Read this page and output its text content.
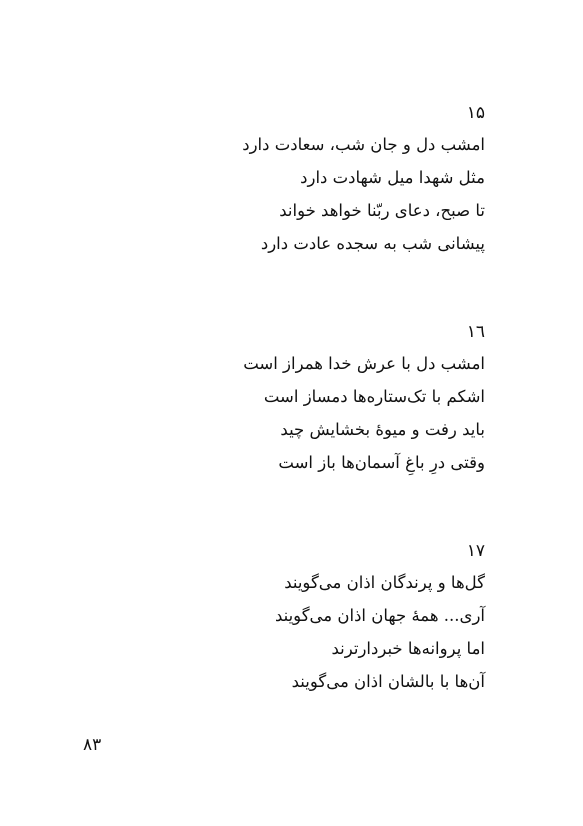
۱۵
امشب دل و جان شب، سعادت دارد
مثل شهدا میل شهادت دارد
تا صبح، دعای ربّنا خواهد خواند
پیشانی شب به سجده عادت دارد
۱٦
امشب دل با عرش خدا همراز است
اشکم با تک‌ستاره‌ها دمساز است
باید رفت و میوهٔ بخشایش چید
وقتی درِ باغِ آسمان‌ها باز است
۱۷
گل‌ها و پرندگان اذان می‌گویند
آری... همهٔ جهان اذان می‌گویند
اما پروانه‌ها خبردارترند
آن‌ها با بالشان اذان می‌گویند
۸۳
